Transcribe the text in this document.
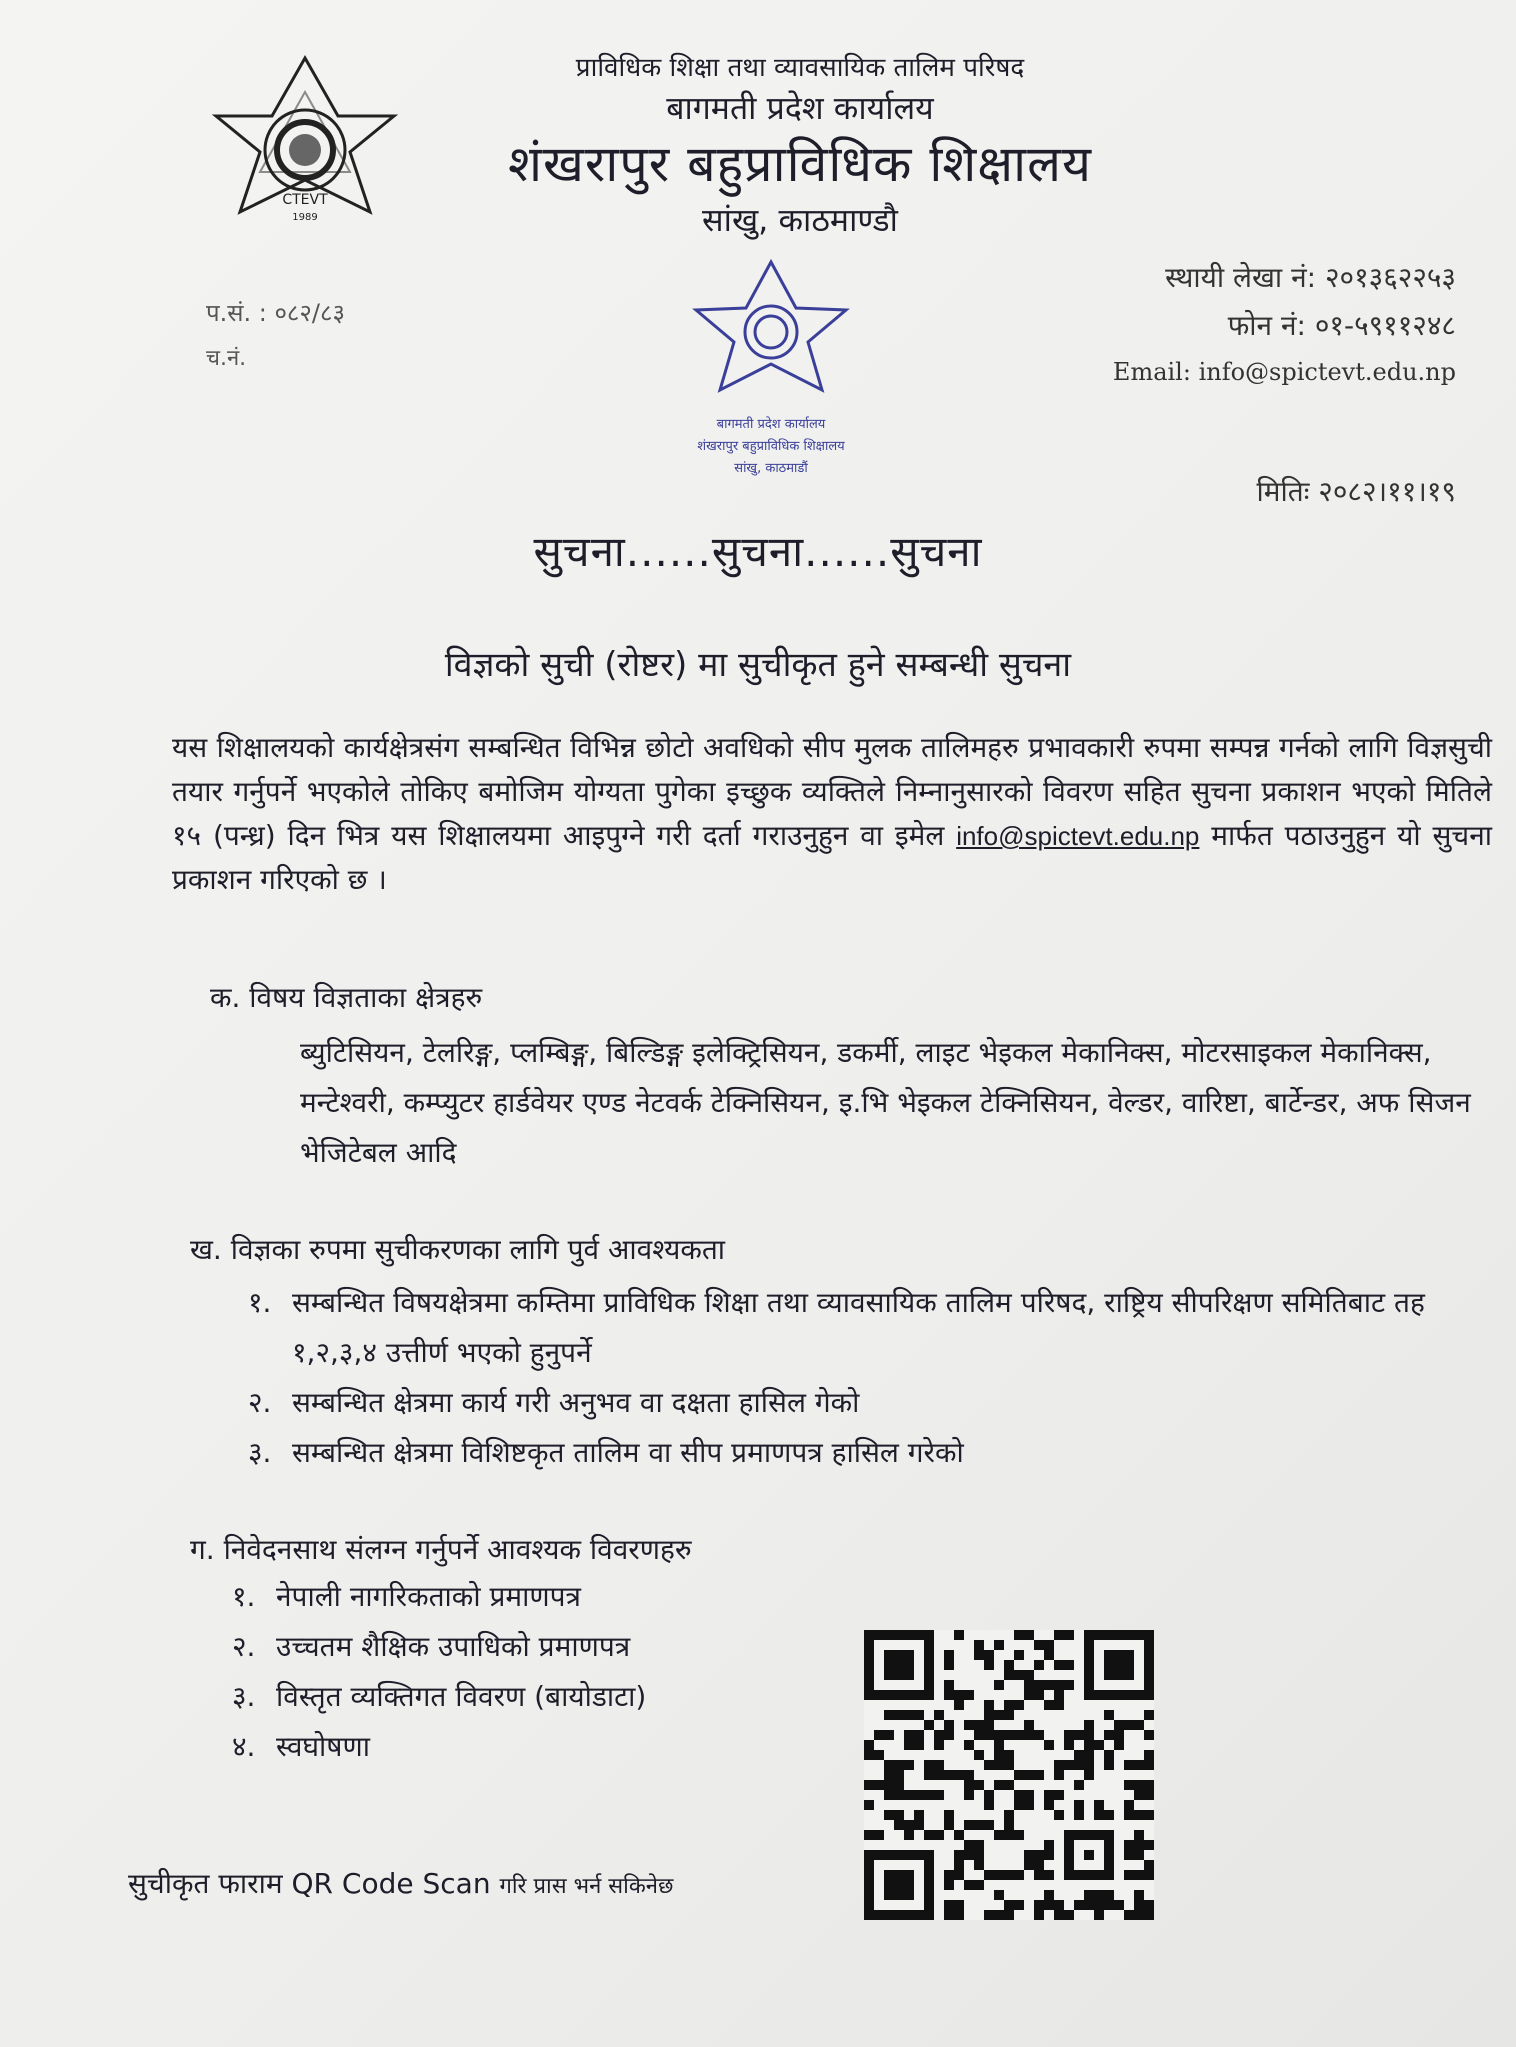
CTEVT
1989
प्राविधिक शिक्षा तथा व्यावसायिक तालिम परिषद
बागमती प्रदेश कार्यालय
शंखरापुर बहुप्राविधिक शिक्षालय
सांखु, काठमाण्डौ
प.सं. : ०८२/८३
च.नं.
स्थायी लेखा नं: २०१३६२२५३
फोन नं: ०१-५९११२४८
Email: info@spictevt.edu.np
मितिः २०८२।११।१९
बागमती प्रदेश कार्यालय
शंखरापुर बहुप्राविधिक शिक्षालय
सांखु, काठमाडौं
सुचना......सुचना......सुचना
विज्ञको सुची (रोष्टर) मा सुचीकृत हुने सम्बन्धी सुचना
यस शिक्षालयको कार्यक्षेत्रसंग सम्बन्धित विभिन्न छोटो अवधिको सीप मुलक तालिमहरु प्रभावकारी रुपमा सम्पन्न गर्नको लागि विज्ञसुची तयार गर्नुपर्ने भएकोले तोकिए बमोजिम योग्यता पुगेका इच्छुक व्यक्तिले निम्नानुसारको विवरण सहित सुचना प्रकाशन भएको मितिले १५ (पन्ध्र) दिन भित्र यस शिक्षालयमा आइपुग्ने गरी दर्ता गराउनुहुन वा इमेल info@spictevt.edu.np मार्फत पठाउनुहुन यो सुचना प्रकाशन गरिएको छ ।
क. विषय विज्ञताका क्षेत्रहरु
ब्युटिसियन, टेलरिङ्ग, प्लम्बिङ्ग, बिल्डिङ्ग इलेक्ट्रिसियन, डकर्मी, लाइट भेइकल मेकानिक्स, मोटरसाइकल मेकानिक्स, मन्टेश्वरी, कम्प्युटर हार्डवेयर एण्ड नेटवर्क टेक्निसियन, इ.भि भेइकल टेक्निसियन, वेल्डर, वारिष्टा, बार्टेन्डर, अफ सिजन भेजिटेबल आदि
ख. विज्ञका रुपमा सुचीकरणका लागि पुर्व आवश्यकता
१. सम्बन्धित विषयक्षेत्रमा कम्तिमा प्राविधिक शिक्षा तथा व्यावसायिक तालिम परिषद, राष्ट्रिय सीपरिक्षण समितिबाट तह १,२,३,४ उत्तीर्ण भएको हुनुपर्ने
२. सम्बन्धित क्षेत्रमा कार्य गरी अनुभव वा दक्षता हासिल गेको
३. सम्बन्धित क्षेत्रमा विशिष्टकृत तालिम वा सीप प्रमाणपत्र हासिल गरेको
ग. निवेदनसाथ संलग्न गर्नुपर्ने आवश्यक विवरणहरु
१. नेपाली नागरिकताको प्रमाणपत्र
२. उच्चतम शैक्षिक उपाधिको प्रमाणपत्र
३. विस्तृत व्यक्तिगत विवरण (बायोडाटा)
४. स्वघोषणा
सुचीकृत फाराम QR Code Scan गरि प्रास भर्न सकिनेछ
